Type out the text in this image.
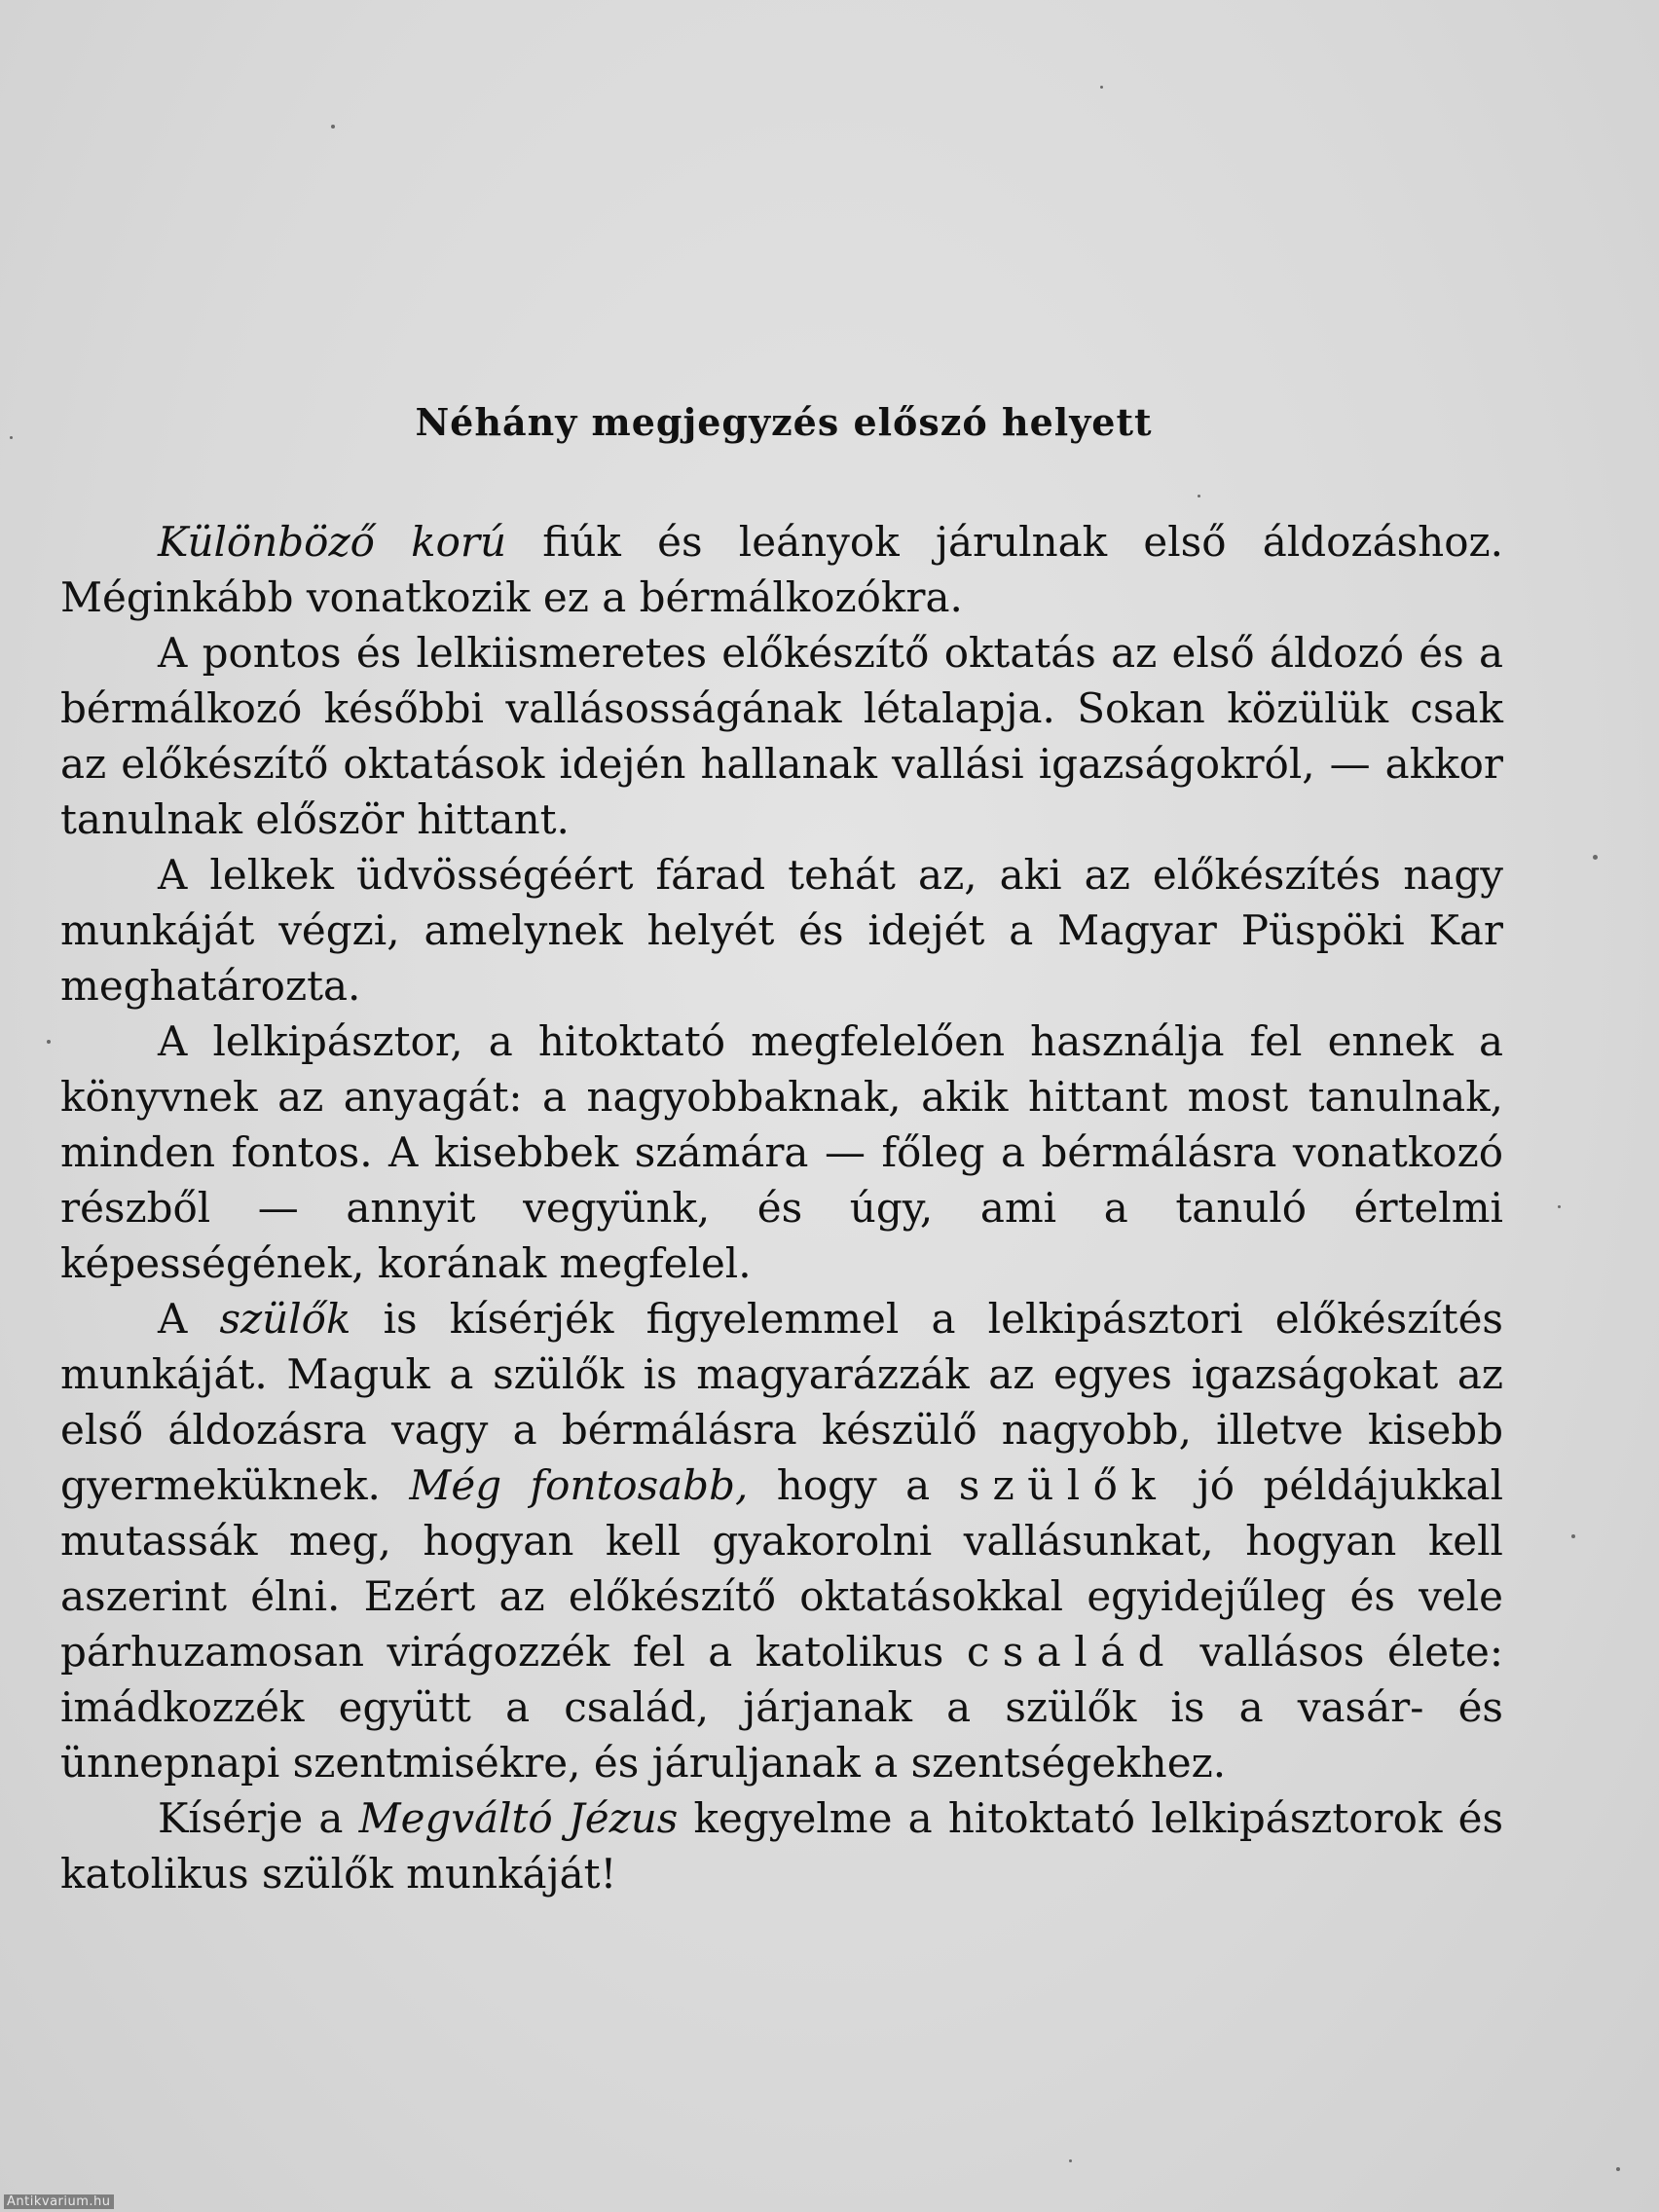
Néhány megjegyzés előszó helyett

Különböző korú fiúk és leányok járulnak első áldozáshoz. Méginkább vonatkozik ez a bérmálkozókra.

A pontos és lelkiismeretes előkészítő oktatás az első áldozó és a bérmálkozó későbbi vallásosságának létalapja. Sokan közülük csak az előkészítő oktatások idején hallanak vallási igazságokról, — akkor tanulnak először hittant.

A lelkek üdvösségéért fárad tehát az, aki az előkészítés nagy munkáját végzi, amelynek helyét és idejét a Magyar Püspöki Kar meghatározta.

A lelkipásztor, a hitoktató megfelelően használja fel ennek a könyvnek az anyagát: a nagyobbaknak, akik hittant most tanulnak, minden fontos. A kisebbek számára — főleg a bérmálásra vonatkozó részből — annyit vegyünk, és úgy, ami a tanuló értelmi képességének, korának megfelel.

A szülők is kísérjék figyelemmel a lelkipásztori előkészítés munkáját. Maguk a szülők is magyarázzák az egyes igazságokat az első áldozásra vagy a bérmálásra készülő nagyobb, illetve kisebb gyermeküknek. Még fontosabb, hogy a szülők jó példájukkal mutassák meg, hogyan kell gyakorolni vallásunkat, hogyan kell aszerint élni. Ezért az előkészítő oktatásokkal egyidejűleg és vele párhuzamosan virágozzék fel a katolikus család vallásos élete: imádkozzék együtt a család, járjanak a szülők is a vasár- és ünnepnapi szentmisékre, és járuljanak a szentségekhez.

Kísérje a Megváltó Jézus kegyelme a hitoktató lelkipásztorok és katolikus szülők munkáját!

Antikvarium.hu
